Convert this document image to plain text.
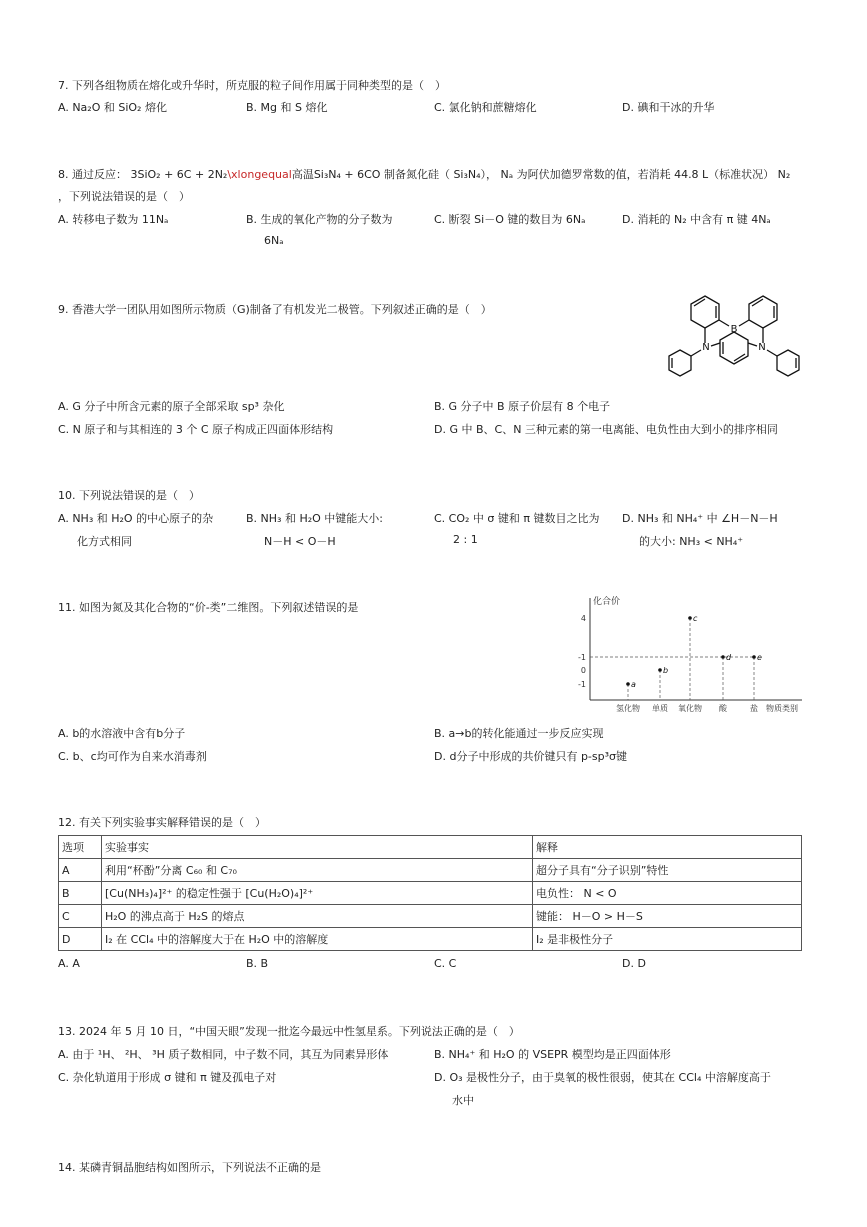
7. 下列各组物质在熔化或升华时，所克服的粒子间作用属于同种类型的是（　）
A. Na₂O 和 SiO₂ 熔化	B. Mg 和 S 熔化	C. 氯化钠和蔗糖熔化	D. 碘和干冰的升华
8. 通过反应： 3SiO₂ + 6C + 2N₂\xlongequal高温Si₃N₄ + 6CO 制备氮化硅（ Si₃N₄）， Nₐ 为阿伏加德罗常数的值，若消耗 44.8 L（标准状况） N₂
，下列说法错误的是（　）
A. 转移电子数为 11Nₐ	B. 生成的氧化产物的分子数为
6Nₐ
C. 断裂 Si－O 键的数目为 6Nₐ	D. 消耗的 N₂ 中含有 π 键 4Nₐ
9. 香港大学一团队用如图所示物质（G)制备了有机发光二极管。下列叙述正确的是（　）
B
N	N
A. G 分子中所含元素的原子全部采取 sp³ 杂化	B. G 分子中 B 原子价层有 8 个电子
C. N 原子和与其相连的 3 个 C 原子构成正四面体形结构	D. G 中 B、C、N 三种元素的第一电离能、电负性由大到小的排序相同
10. 下列说法错误的是（　）
A. NH₃ 和 H₂O 的中心原子的杂
化方式相同
B. NH₃ 和 H₂O 中键能大小:
N－H < O－H
C. CO₂ 中 σ 键和 π 键数目之比为
2 : 1
D. NH₃ 和 NH₄⁺ 中 ∠H－N－H
的大小: NH₃ < NH₄⁺
11. 如图为氮及其化合物的“价-类”二维图。下列叙述错误的是	化合价
4
-1
0
-1
氢化物 单质 氧化物 酸	盐 物质类别
a
b
c
d	e
A. b的水溶液中含有b分子	B. a→b的转化能通过一步反应实现
C. b、c均可作为自来水消毒剂	D. d分子中形成的共价键只有 p-sp³σ键
12. 有关下列实验事实解释错误的是（　）
选项	实验事实	解释
A	利用“杯酚”分离 C₆₀ 和 C₇₀	超分子具有“分子识别”特性
B	[Cu(NH₃)₄]²⁺ 的稳定性强于 [Cu(H₂O)₄]²⁺	电负性： N < O
C	H₂O 的沸点高于 H₂S 的熔点	键能： H－O > H－S
D	I₂ 在 CCl₄ 中的溶解度大于在 H₂O 中的溶解度	I₂ 是非极性分子
A. A	B. B	C. C	D. D
13. 2024 年 5 月 10 日，“中国天眼”发现一批迄今最远中性氢星系。下列说法正确的是（　）
A. 由于 ¹H、 ²H、 ³H 质子数相同，中子数不同，其互为同素异形体	B. NH₄⁺ 和 H₂O 的 VSEPR 模型均是正四面体形
C. 杂化轨道用于形成 σ 键和 π 键及孤电子对	D. O₃ 是极性分子，由于臭氧的极性很弱，使其在 CCl₄ 中溶解度高于
水中
14. 某磷青铜晶胞结构如图所示，下列说法不正确的是
